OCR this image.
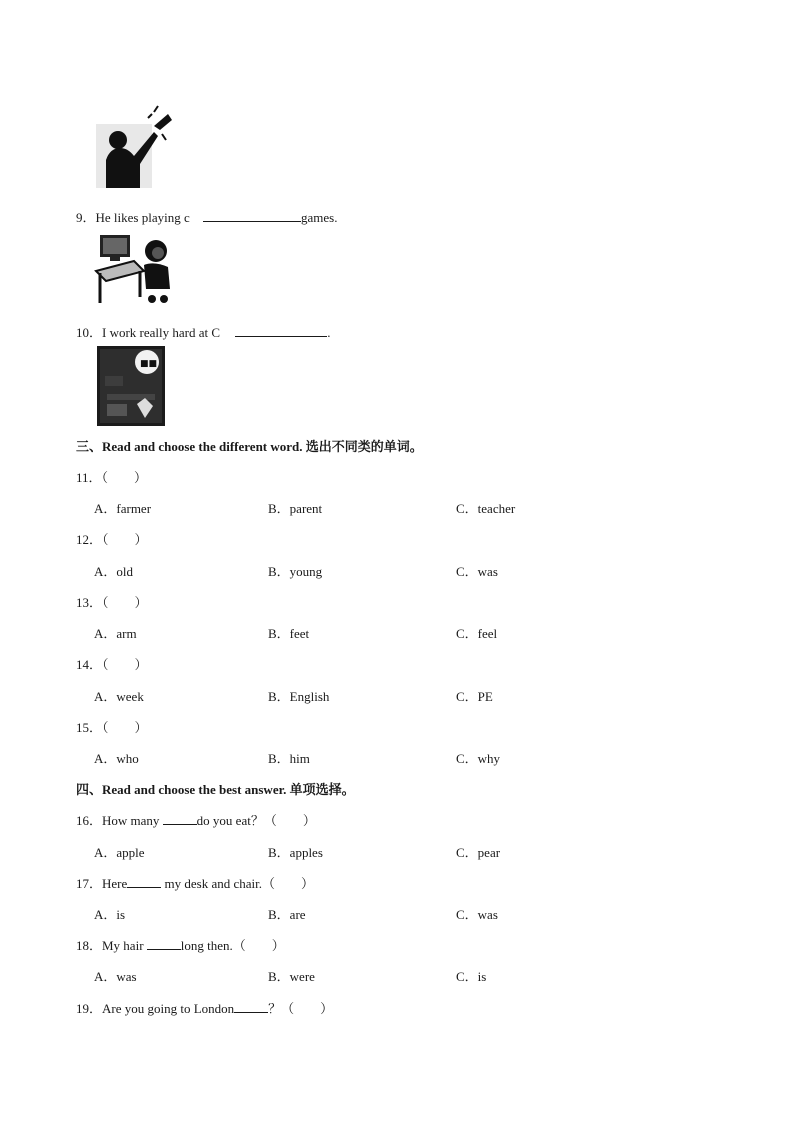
9．He likes playing c	games.
10．I work really hard at C	.
■■
三、Read and choose the different word. 选出不同类的单词。
11．（　　）
A．farmer	B．parent	C．teacher
12．（　　）
A．old	B．young	C．was
13．（　　）
A．arm	B．feet	C．feel
14．（　　）
A．week	B．English	C．PE
15．（　　）
A．who	B．him	C．why
四、Read and choose the best answer. 单项选择。
16．How many	do you eat？（　　）
A．apple	B．apples	C．pear
17．Here	my desk and chair.（　　）
A．is	B．are	C．was
18．My hair	long then.（　　）
A．was	B．were	C．is
19．Are you going to London	？（　　）
